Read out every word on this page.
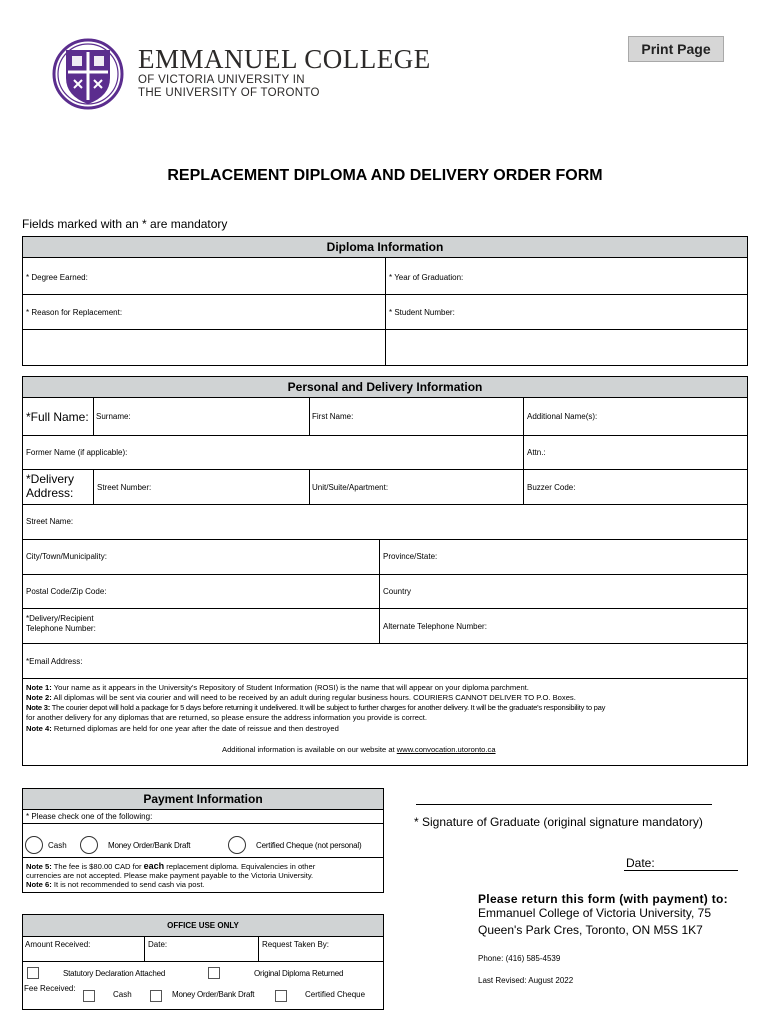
EMMANUEL COLLEGE
OF VICTORIA UNIVERSITY IN
THE UNIVERSITY OF TORONTO
Print Page
REPLACEMENT DIPLOMA AND DELIVERY ORDER FORM
Fields marked with an * are mandatory
Diploma Information
* Degree Earned:	* Year of Graduation:
* Reason for Replacement:	* Student Number:
Personal and Delivery Information
*Full Name: Surname:	First Name:	Additional Name(s):
Former Name (if applicable):	Attn.:
*Delivery
Address:	Street Number:	Unit/Suite/Apartment:	Buzzer Code:
Street Name:
City/Town/Municipality:	Province/State:
Postal Code/Zip Code:	Country
*Delivery/Recipient
Telephone Number:	Alternate Telephone Number:
*Email Address:
Note 1: Your name as it appears in the University's Repository of Student Information (ROSI) is the name that will appear on your diploma parchment.
Note 2: All diplomas will be sent via courier and will need to be received by an adult during regular business hours. COURIERS CANNOT DELIVER TO P.O. Boxes.
Note 3: The courier depot will hold a package for 5 days before returning it undelivered. It will be subject to further charges for another delivery. It will be the graduate's responsibility to pay
for another delivery for any diplomas that are returned, so please ensure the address information you provide is correct.
Note 4: Returned diplomas are held for one year after the date of reissue and then destroyed
Additional information is available on our website at www.convocation.utoronto.ca
Payment Information
* Please check one of the following:
Cash	Money Order/Bank Draft	Certified Cheque (not personal)
Note 5: The fee is $80.00 CAD for each replacement diploma. Equivalencies in other
currencies are not accepted. Please make payment payable to the Victoria University.
Note 6: It is not recommended to send cash via post.
OFFICE USE ONLY
Amount Received:	Date:	Request Taken By:
Statutory Declaration Attached	Original Diploma Returned
Fee Received:
Cash	Money Order/Bank Draft	Certified Cheque
* Signature of Graduate (original signature mandatory)
Date:
Please return this form (with payment) to:
Emmanuel College of Victoria University, 75
Queen's Park Cres, Toronto, ON M5S 1K7
Phone: (416) 585-4539
Last Revised: August 2022
